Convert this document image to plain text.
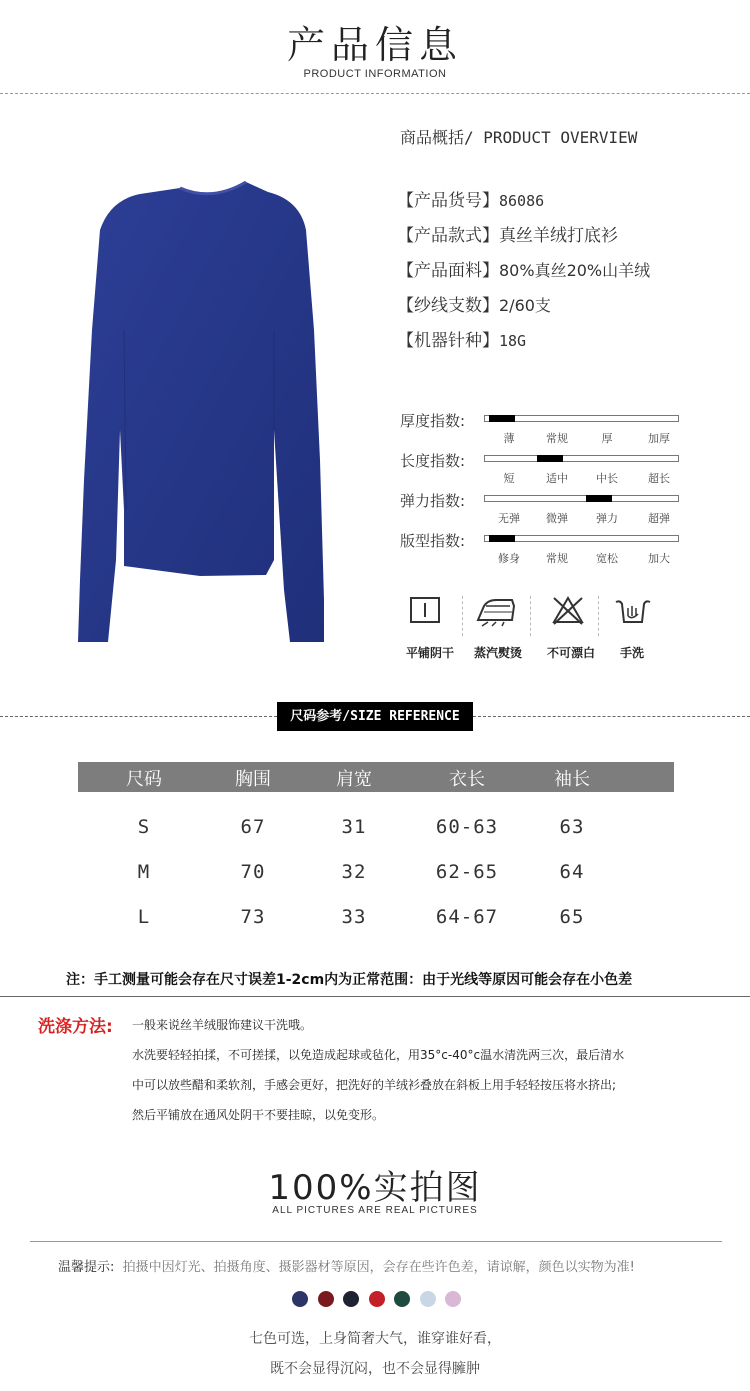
产品信息
PRODUCT INFORMATION
商品概括/ PRODUCT OVERVIEW
【产品货号】86086
【产品款式】真丝羊绒打底衫
【产品面料】80%真丝20%山羊绒
【纱线支数】2/60支
【机器针种】18G
厚度指数:
薄	常规	厚	加厚
长度指数:
短	适中	中长	超长
弹力指数:
无弹	微弹	弹力	超弹
版型指数:
修身	常规	宽松	加大
平铺阴干	蒸汽熨烫	不可漂白	手洗
尺码参考/SIZE REFERENCE
尺码	胸围	肩宽	衣长	袖长
S	67	31	60-63	63
M	70	32	62-65	64
L	73	33	64-67	65
注：手工测量可能会存在尺寸误差1-2cm内为正常范围：由于光线等原因可能会存在小色差
洗涤方法: 一般来说丝羊绒服饰建议干洗哦。
水洗要轻轻拍揉，不可搓揉，以免造成起球或毡化，用35°c-40°c温水清洗两三次，最后清水
中可以放些醋和柔软剂，手感会更好，把洗好的羊绒衫叠放在斜板上用手轻轻按压将水挤出;
然后平铺放在通风处阴干不要挂晾，以免变形。
100%实拍图
ALL PICTURES ARE REAL PICTURES
温馨提示: 拍摄中因灯光、拍摄角度、摄影器材等原因，会存在些许色差，请谅解，颜色以实物为准!
七色可选，上身简奢大气，谁穿谁好看，
既不会显得沉闷，也不会显得臃肿
